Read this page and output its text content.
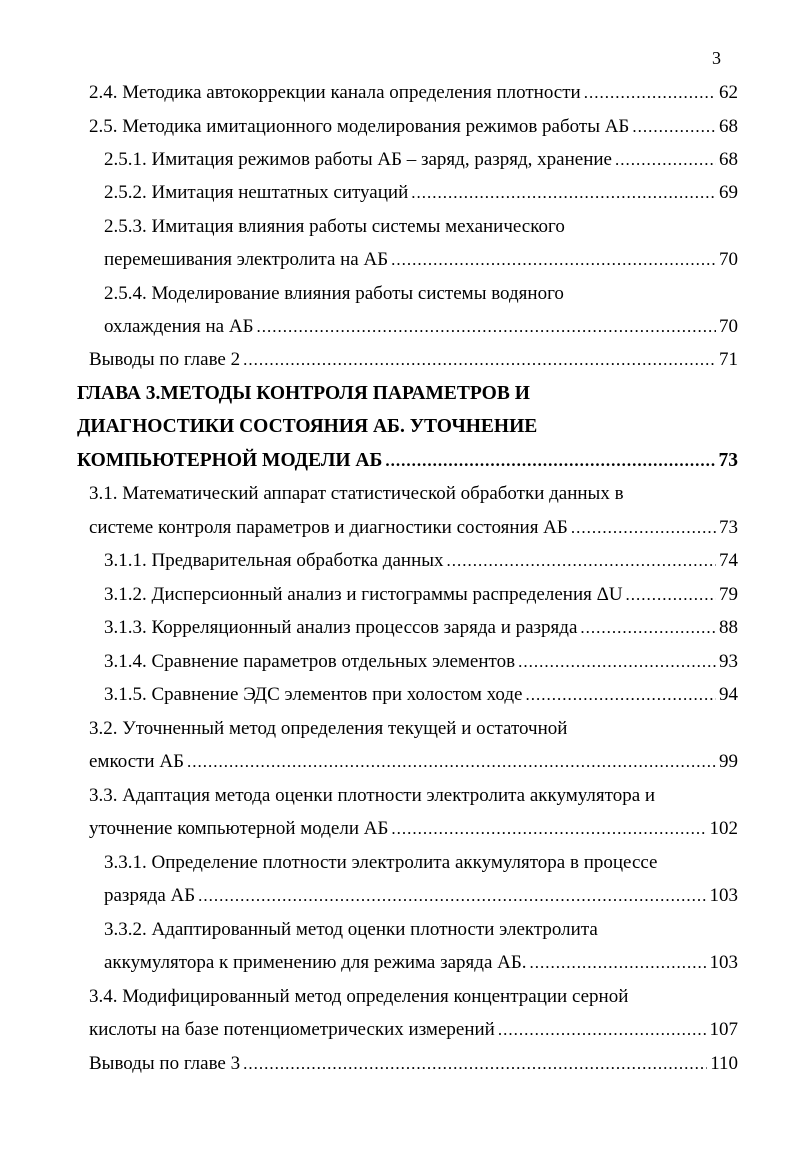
3
2.4. Методика автокоррекции канала определения плотности .....	62
2.5. Методика имитационного моделирования режимов работы АБ .....	68
2.5.1. Имитация режимов работы АБ – заряд, разряд, хранение .....	68
2.5.2. Имитация нештатных ситуаций .....	69
2.5.3. Имитация влияния работы системы механического
перемешивания электролита на АБ .....	70
2.5.4. Моделирование влияния работы системы водяного
охлаждения на АБ .....	70
Выводы по главе 2 .....	71
ГЛАВА 3.МЕТОДЫ КОНТРОЛЯ ПАРАМЕТРОВ И
ДИАГНОСТИКИ СОСТОЯНИЯ АБ. УТОЧНЕНИЕ
КОМПЬЮТЕРНОЙ МОДЕЛИ АБ .....	73
3.1. Математический аппарат статистической обработки данных в
системе контроля параметров и диагностики состояния АБ .....	73
3.1.1. Предварительная обработка данных .....	74
3.1.2. Дисперсионный анализ и гистограммы распределения ΔU .....	79
3.1.3. Корреляционный анализ процессов заряда и разряда .....	88
3.1.4. Сравнение параметров отдельных элементов .....	93
3.1.5. Сравнение ЭДС элементов при холостом ходе .....	94
3.2. Уточненный метод определения текущей и остаточной
емкости АБ .....	99
3.3. Адаптация метода оценки плотности электролита аккумулятора и
уточнение компьютерной модели АБ .....	102
3.3.1. Определение плотности электролита аккумулятора в процессе
разряда АБ .....	103
3.3.2. Адаптированный метод оценки плотности электролита
аккумулятора к применению для режима заряда АБ. .....	103
3.4. Модифицированный метод определения концентрации серной
кислоты на базе потенциометрических измерений .....	107
Выводы по главе 3 .....	110
